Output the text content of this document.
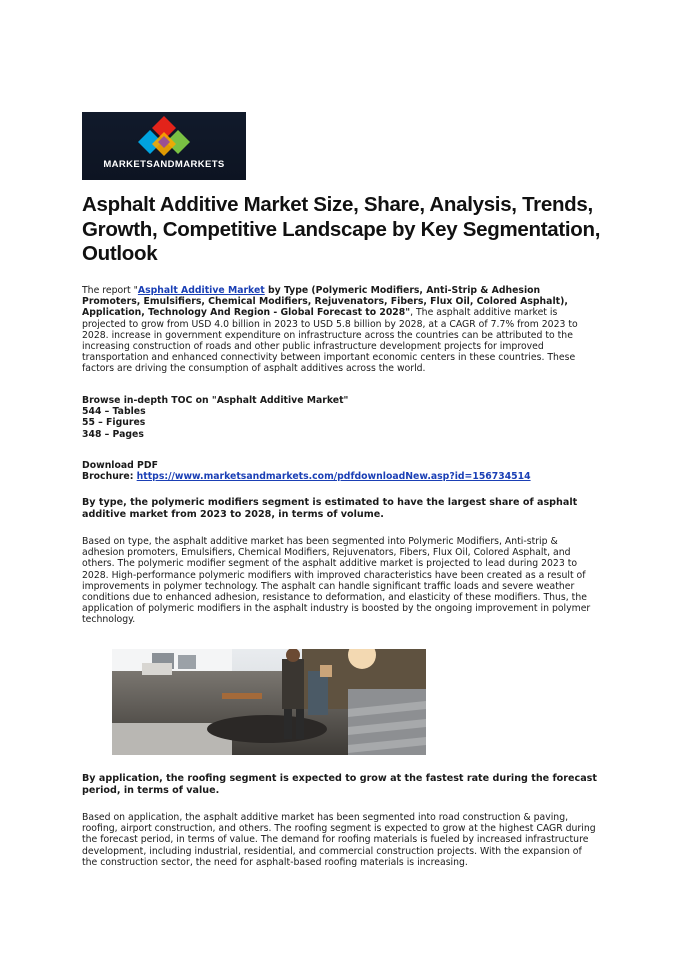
MARKETSANDMARKETS
Asphalt Additive Market Size, Share, Analysis, Trends, Growth, Competitive Landscape by Key Segmentation, Outlook
The report "Asphalt Additive Market by Type (Polymeric Modifiers, Anti-Strip & Adhesion Promoters, Emulsifiers, Chemical Modifiers, Rejuvenators, Fibers, Flux Oil, Colored Asphalt), Application, Technology And Region - Global Forecast to 2028", The asphalt additive market is projected to grow from USD 4.0 billion in 2023 to USD 5.8 billion by 2028, at a CAGR of 7.7% from 2023 to 2028. increase in government expenditure on infrastructure across the countries can be attributed to the increasing construction of roads and other public infrastructure development projects for improved transportation and enhanced connectivity between important economic centers in these countries. These factors are driving the consumption of asphalt additives across the world.
Browse in-depth TOC on "Asphalt Additive Market"
544 – Tables
55 – Figures
348 – Pages
Download PDF
Brochure: https://www.marketsandmarkets.com/pdfdownloadNew.asp?id=156734514
By type, the polymeric modifiers segment is estimated to have the largest share of asphalt additive market from 2023 to 2028, in terms of volume.
Based on type, the asphalt additive market has been segmented into Polymeric Modifiers, Anti-strip & adhesion promoters, Emulsifiers, Chemical Modifiers, Rejuvenators, Fibers, Flux Oil, Colored Asphalt, and others. The polymeric modifier segment of the asphalt additive market is projected to lead during 2023 to 2028. High-performance polymeric modifiers with improved characteristics have been created as a result of improvements in polymer technology. The asphalt can handle significant traffic loads and severe weather conditions due to enhanced adhesion, resistance to deformation, and elasticity of these modifiers. Thus, the application of polymeric modifiers in the asphalt industry is boosted by the ongoing improvement in polymer technology.
By application, the roofing segment is expected to grow at the fastest rate during the forecast period, in terms of value.
Based on application, the asphalt additive market has been segmented into road construction & paving, roofing, airport construction, and others. The roofing segment is expected to grow at the highest CAGR during the forecast period, in terms of value. The demand for roofing materials is fueled by increased infrastructure development, including industrial, residential, and commercial construction projects. With the expansion of the construction sector, the need for asphalt-based roofing materials is increasing.
